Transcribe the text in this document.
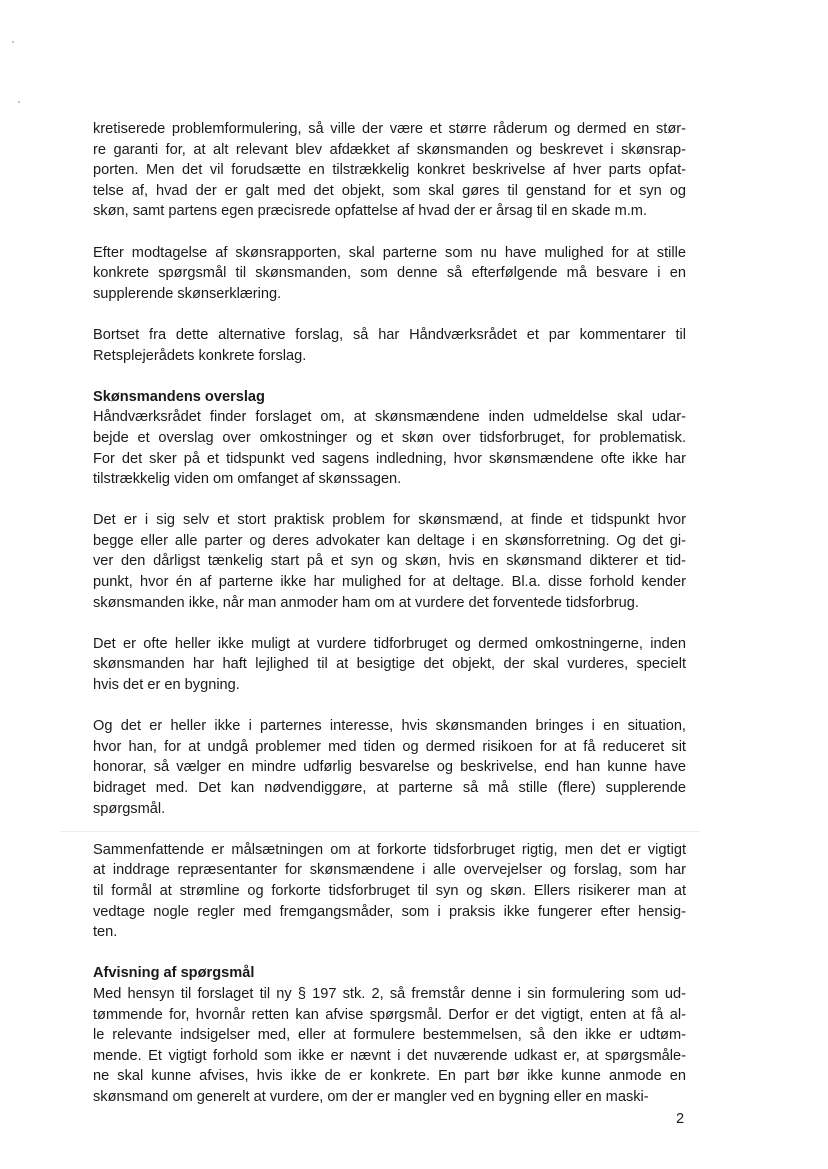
kretiserede problemformulering, så ville der være et større råderum og dermed en stør-
re garanti for, at alt relevant blev afdækket af skønsmanden og beskrevet i skønsrap-
porten. Men det vil forudsætte en tilstrækkelig konkret beskrivelse af hver parts opfat-
telse af, hvad der er galt med det objekt, som skal gøres til genstand for et syn og
skøn, samt partens egen præcisrede opfattelse af hvad der er årsag til en skade m.m.

Efter modtagelse af skønsrapporten, skal parterne som nu have mulighed for at stille
konkrete spørgsmål til skønsmanden, som denne så efterfølgende må besvare i en
supplerende skønserklæring.

Bortset fra dette alternative forslag, så har Håndværksrådet et par kommentarer til
Retsplejerådets konkrete forslag.

Skønsmandens overslag

Håndværksrådet finder forslaget om, at skønsmændene inden udmeldelse skal udar-
bejde et overslag over omkostninger og et skøn over tidsforbruget, for problematisk.
For det sker på et tidspunkt ved sagens indledning, hvor skønsmændene ofte ikke har
tilstrækkelig viden om omfanget af skønssagen.

Det er i sig selv et stort praktisk problem for skønsmænd, at finde et tidspunkt hvor
begge eller alle parter og deres advokater kan deltage i en skønsforretning. Og det gi-
ver den dårligst tænkelig start på et syn og skøn, hvis en skønsmand dikterer et tid-
punkt, hvor én af parterne ikke har mulighed for at deltage. Bl.a. disse forhold kender
skønsmanden ikke, når man anmoder ham om at vurdere det forventede tidsforbrug.

Det er ofte heller ikke muligt at vurdere tidforbruget og dermed omkostningerne, inden
skønsmanden har haft lejlighed til at besigtige det objekt, der skal vurderes, specielt
hvis det er en bygning.

Og det er heller ikke i parternes interesse, hvis skønsmanden bringes i en situation,
hvor han, for at undgå problemer med tiden og dermed risikoen for at få reduceret sit
honorar, så vælger en mindre udførlig besvarelse og beskrivelse, end han kunne have
bidraget med. Det kan nødvendiggøre, at parterne så må stille (flere) supplerende
spørgsmål.

Sammenfattende er målsætningen om at forkorte tidsforbruget rigtig, men det er vigtigt
at inddrage repræsentanter for skønsmændene i alle overvejelser og forslag, som har
til formål at strømline og forkorte tidsforbruget til syn og skøn. Ellers risikerer man at
vedtage nogle regler med fremgangsmåder, som i praksis ikke fungerer efter hensig-
ten.

Afvisning af spørgsmål

Med hensyn til forslaget til ny § 197 stk. 2, så fremstår denne i sin formulering som ud-
tømmende for, hvornår retten kan afvise spørgsmål. Derfor er det vigtigt, enten at få al-
le relevante indsigelser med, eller at formulere bestemmelsen, så den ikke er udtøm-
mende. Et vigtigt forhold som ikke er nævnt i det nuværende udkast er, at spørgsmåle-
ne skal kunne afvises, hvis ikke de er konkrete. En part bør ikke kunne anmode en
skønsmand om generelt at vurdere, om der er mangler ved en bygning eller en maski-

2
